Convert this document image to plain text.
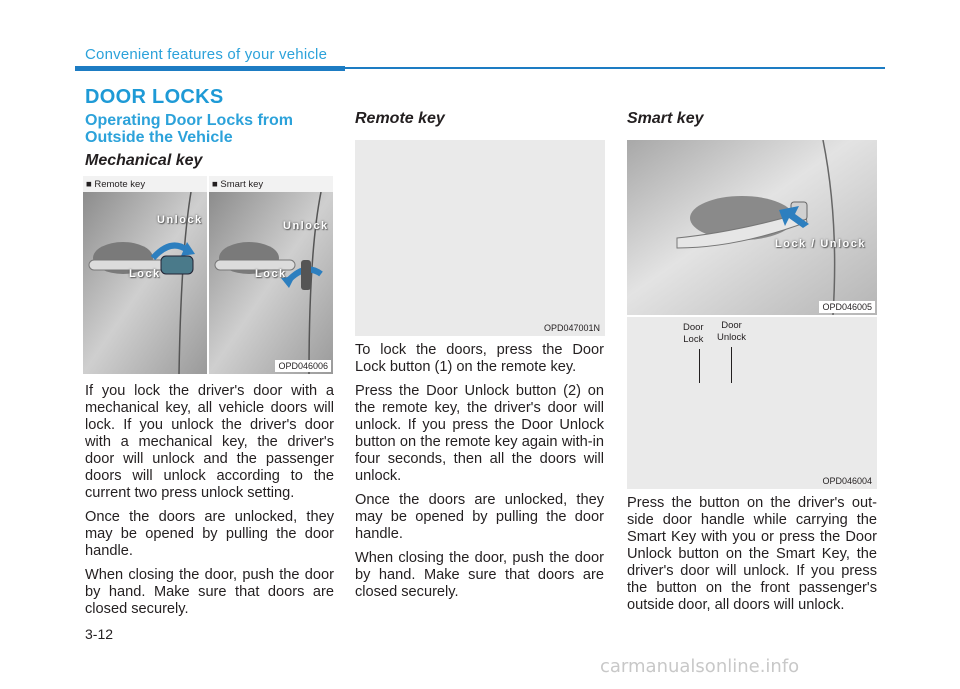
Convenient features of your vehicle
DOOR LOCKS
Operating Door Locks from
Outside the Vehicle
Mechanical key
■ Remote key
Unlock
Lock
■ Smart key
Unlock
Lock
OPD046006

If you lock the driver's door with a mechanical key, all vehicle doors will lock. If you unlock the driver's door with a mechanical key, the driver's door will unlock and the passenger doors will unlock according to the current two press unlock setting.

Once the doors are unlocked, they may be opened by pulling the door handle.

When closing the door, push the door by hand. Make sure that doors are closed securely.

Remote key
OPD047001N

To lock the doors, press the Door Lock button (1) on the remote key.

Press the Door Unlock button (2) on the remote key, the driver's door will unlock. If you press the Door Unlock button on the remote key again with-in four seconds, then all the doors will unlock.

Once the doors are unlocked, they may be opened by pulling the door handle.

When closing the door, push the door by hand. Make sure that doors are closed securely.

Smart key
Lock / Unlock
OPD046005
Door
Lock
Door
Unlock
OPD046004

Press the button on the driver's out-side door handle while carrying the Smart Key with you or press the Door Unlock button on the Smart Key, the driver's door will unlock. If you press the button on the front passenger's outside door, all doors will unlock.

3-12
carmanualsonline.info
